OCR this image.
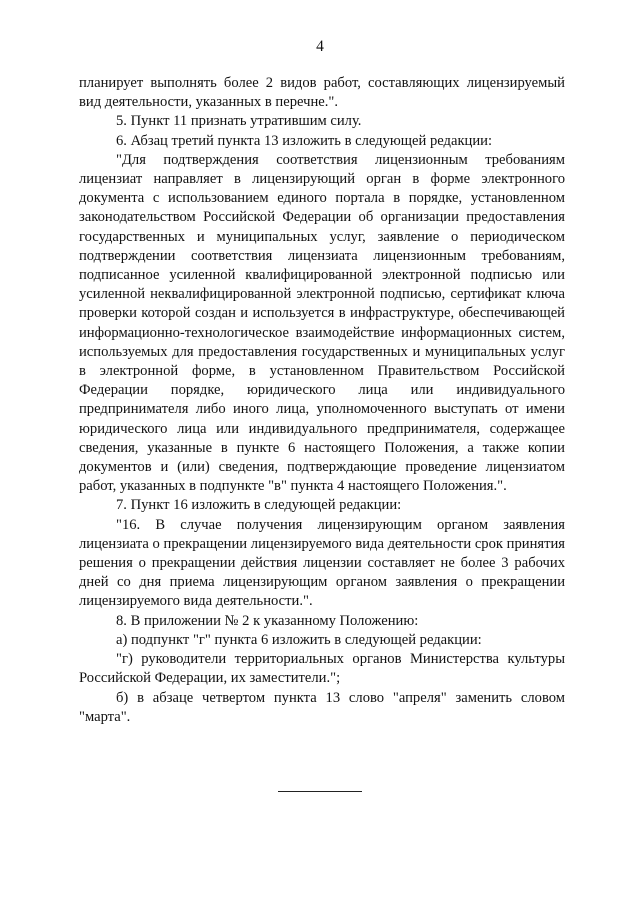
4

планирует выполнять более 2 видов работ, составляющих лицензируемый вид деятельности, указанных в перечне.".

5. Пункт 11 признать утратившим силу.

6. Абзац третий пункта 13 изложить в следующей редакции:

"Для подтверждения соответствия лицензионным требованиям лицензиат направляет в лицензирующий орган в форме электронного документа с использованием единого портала в порядке, установленном законодательством Российской Федерации об организации предоставления государственных и муниципальных услуг, заявление о периодическом подтверждении соответствия лицензиата лицензионным требованиям, подписанное усиленной квалифицированной электронной подписью или усиленной неквалифицированной электронной подписью, сертификат ключа проверки которой создан и используется в инфраструктуре, обеспечивающей информационно-технологическое взаимодействие информационных систем, используемых для предоставления государственных и муниципальных услуг в электронной форме, в установленном Правительством Российской Федерации порядке, юридического лица или индивидуального предпринимателя либо иного лица, уполномоченного выступать от имени юридического лица или индивидуального предпринимателя, содержащее сведения, указанные в пункте 6 настоящего Положения, а также копии документов и (или) сведения, подтверждающие проведение лицензиатом работ, указанных в подпункте "в" пункта 4 настоящего Положения.".

7. Пункт 16 изложить в следующей редакции:

"16. В случае получения лицензирующим органом заявления лицензиата о прекращении лицензируемого вида деятельности срок принятия решения о прекращении действия лицензии составляет не более 3 рабочих дней со дня приема лицензирующим органом заявления о прекращении лицензируемого вида деятельности.".

8. В приложении № 2 к указанному Положению:

а) подпункт "г" пункта 6 изложить в следующей редакции:

"г) руководители территориальных органов Министерства культуры Российской Федерации, их заместители.";

б) в абзаце четвертом пункта 13 слово "апреля" заменить словом "марта".
